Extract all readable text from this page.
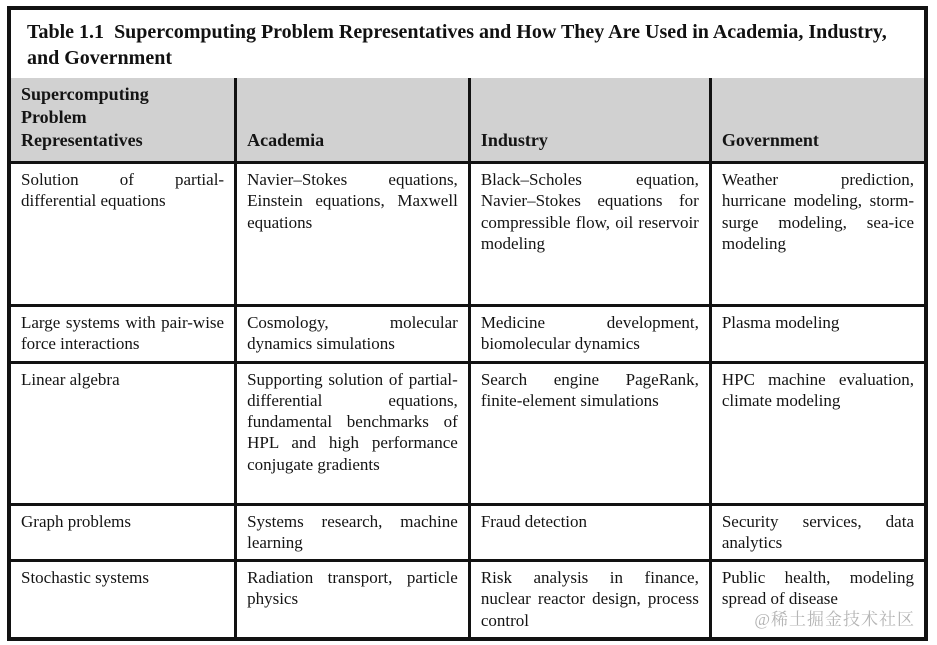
Table 1.1 Supercomputing Problem Representatives and How They Are Used in Academia, Industry, and Government
Supercomputing Problem Representatives	Academia	Industry	Government
Solution of partial-differential equations	Navier–Stokes equations, Einstein equations, Maxwell equations	Black–Scholes equation, Navier–Stokes equations for compressible flow, oil reservoir modeling	Weather prediction, hurricane modeling, storm-surge modeling, sea-ice modeling
Large systems with pair-wise force interactions	Cosmology, molecular dynamics simulations	Medicine development, biomolecular dynamics	Plasma modeling
Linear algebra	Supporting solution of partial-differential equations, fundamental benchmarks of HPL and high performance conjugate gradients	Search engine PageRank, finite-element simulations	HPC machine evaluation, climate modeling
Graph problems	Systems research, machine learning	Fraud detection	Security services, data analytics
Stochastic systems	Radiation transport, particle physics	Risk analysis in finance, nuclear reactor design, process control	Public health, modeling spread of disease
@稀土掘金技术社区
